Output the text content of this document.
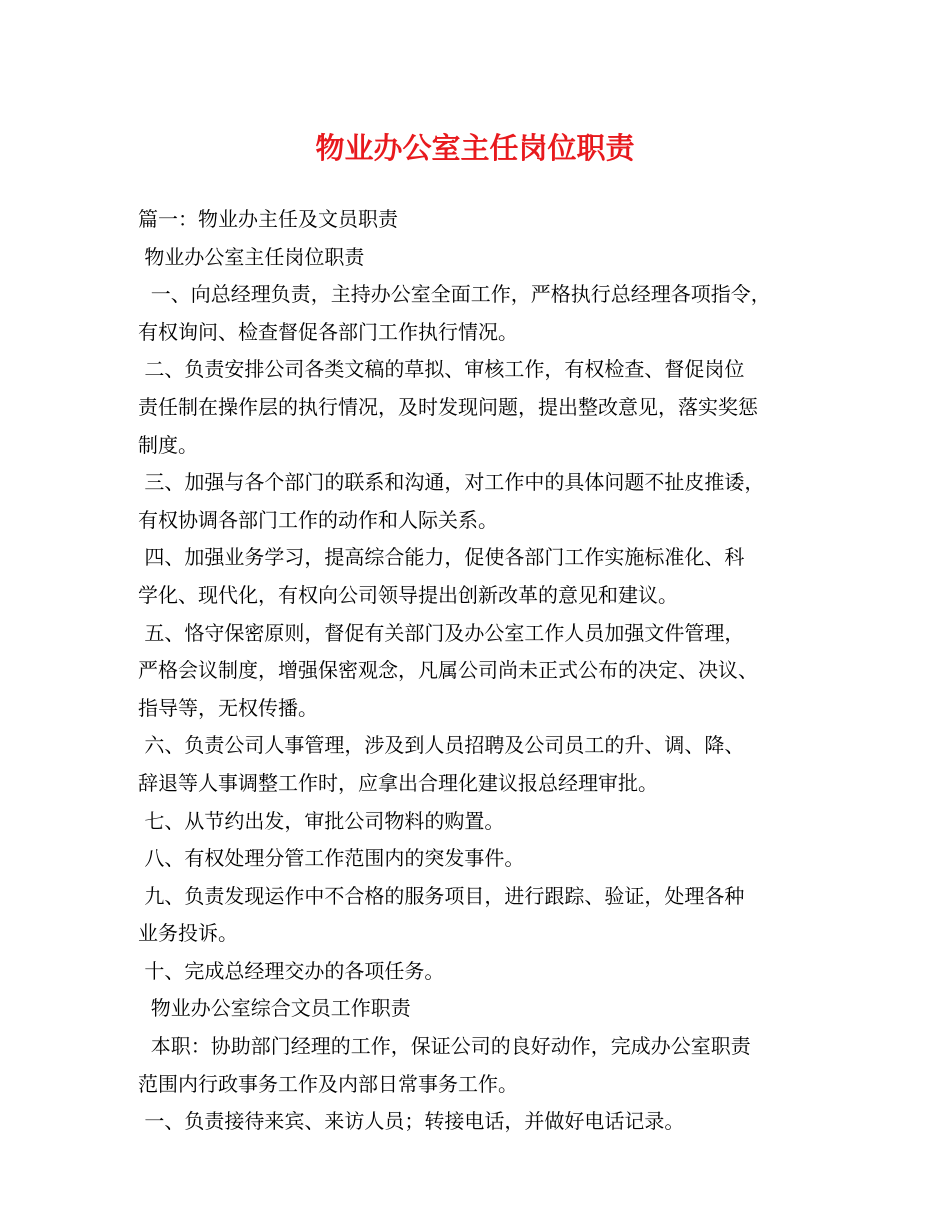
物业办公室主任岗位职责
篇一：物业办主任及文员职责
物业办公室主任岗位职责
一、向总经理负责，主持办公室全面工作，严格执行总经理各项指令，
有权询问、检查督促各部门工作执行情况。
二、负责安排公司各类文稿的草拟、审核工作，有权检查、督促岗位
责任制在操作层的执行情况，及时发现问题，提出整改意见，落实奖惩
制度。
三、加强与各个部门的联系和沟通，对工作中的具体问题不扯皮推诿，
有权协调各部门工作的动作和人际关系。
四、加强业务学习，提高综合能力，促使各部门工作实施标准化、科
学化、现代化，有权向公司领导提出创新改革的意见和建议。
五、恪守保密原则，督促有关部门及办公室工作人员加强文件管理，
严格会议制度，增强保密观念，凡属公司尚未正式公布的决定、决议、
指导等，无权传播。
六、负责公司人事管理，涉及到人员招聘及公司员工的升、调、降、
辞退等人事调整工作时，应拿出合理化建议报总经理审批。
七、从节约出发，审批公司物料的购置。
八、有权处理分管工作范围内的突发事件。
九、负责发现运作中不合格的服务项目，进行跟踪、验证，处理各种
业务投诉。
十、完成总经理交办的各项任务。
物业办公室综合文员工作职责
本职：协助部门经理的工作，保证公司的良好动作，完成办公室职责
范围内行政事务工作及内部日常事务工作。
一、负责接待来宾、来访人员；转接电话，并做好电话记录。
